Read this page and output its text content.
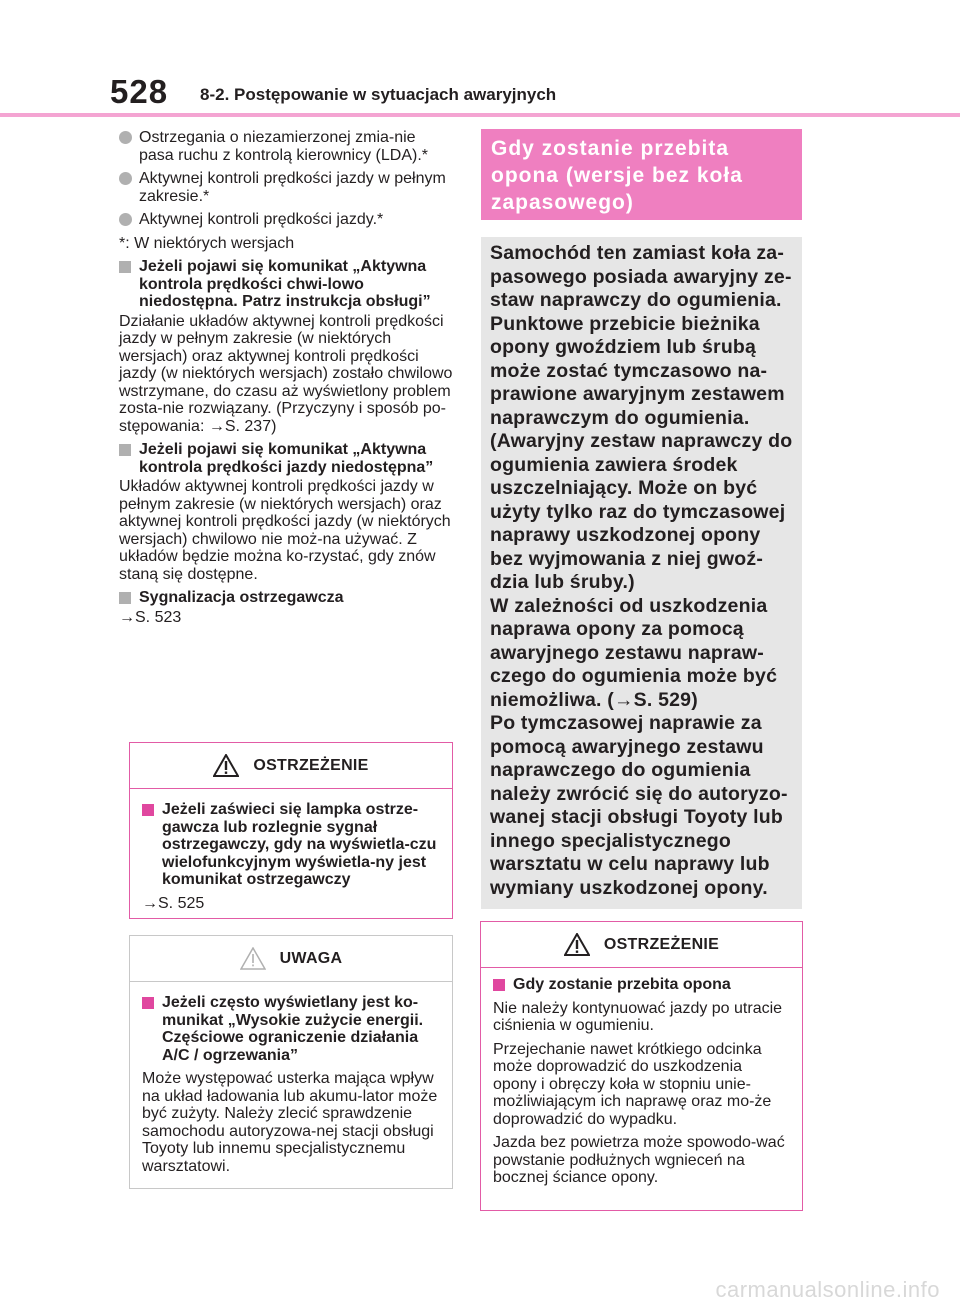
528 8-2. Postępowanie w sytuacjach awaryjnych
Ostrzegania o niezamierzonej zmia-nie pasa ruchu z kontrolą kierownicy (LDA).*
Aktywnej kontroli prędkości jazdy w pełnym zakresie.*
Aktywnej kontroli prędkości jazdy.*
*: W niektórych wersjach
Jeżeli pojawi się komunikat „Aktywna kontrola prędkości chwi-lowo niedostępna. Patrz instrukcja obsługi”
Działanie układów aktywnej kontroli prędkości jazdy w pełnym zakresie (w niektórych wersjach) oraz aktywnej kontroli prędkości jazdy (w niektórych wersjach) zostało chwilowo wstrzymane, do czasu aż wyświetlony problem zosta-nie rozwiązany. (Przyczyny i sposób po-stępowania: →S. 237)
Jeżeli pojawi się komunikat „Aktywna kontrola prędkości jazdy niedostępna”
Układów aktywnej kontroli prędkości jazdy w pełnym zakresie (w niektórych wersjach) oraz aktywnej kontroli prędkości jazdy (w niektórych wersjach) chwilowo nie moż-na używać. Z układów będzie można ko-rzystać, gdy znów staną się dostępne.
Sygnalizacja ostrzegawcza
→S. 523
OSTRZEŻENIE
Jeżeli zaświeci się lampka ostrze-gawcza lub rozlegnie sygnał ostrzegawczy, gdy na wyświetla-czu wielofunkcyjnym wyświetla-ny jest komunikat ostrzegawczy
→S. 525
UWAGA
Jeżeli często wyświetlany jest ko-munikat „Wysokie zużycie energii. Częściowe ograniczenie działania A/C / ogrzewania”
Może występować usterka mająca wpływ na układ ładowania lub akumu-lator może być zużyty. Należy zlecić sprawdzenie samochodu autoryzowa-nej stacji obsługi Toyoty lub innemu specjalistycznemu warsztatowi.
Gdy zostanie przebita opona (wersje bez koła zapasowego)

Samochód ten zamiast koła za-pasowego posiada awaryjny ze-staw naprawczy do ogumienia. Punktowe przebicie bieżnika opony gwoździem lub śrubą może zostać tymczasowo na-prawione awaryjnym zestawem naprawczym do ogumienia. (Awaryjny zestaw naprawczy do ogumienia zawiera środek uszczelniający. Może on być użyty tylko raz do tymczasowej naprawy uszkodzonej opony bez wyjmowania z niej gwoź-dzia lub śruby.)

W zależności od uszkodzenia naprawa opony za pomocą awaryjnego zestawu napraw-czego do ogumienia może być niemożliwa. (→S. 529)

Po tymczasowej naprawie za pomocą awaryjnego zestawu naprawczego do ogumienia należy zwrócić się do autoryzo-wanej stacji obsługi Toyoty lub innego specjalistycznego warsztatu w celu naprawy lub wymiany uszkodzonej opony.

OSTRZEŻENIE
Gdy zostanie przebita opona
Nie należy kontynuować jazdy po utracie ciśnienia w ogumieniu.
Przejechanie nawet krótkiego odcinka może doprowadzić do uszkodzenia opony i obręczy koła w stopniu unie-możliwiającym ich naprawę oraz mo-że doprowadzić do wypadku.
Jazda bez powietrza może spowodo-wać powstanie podłużnych wgnieceń na bocznej ściance opony.
carmanualsonline.info
